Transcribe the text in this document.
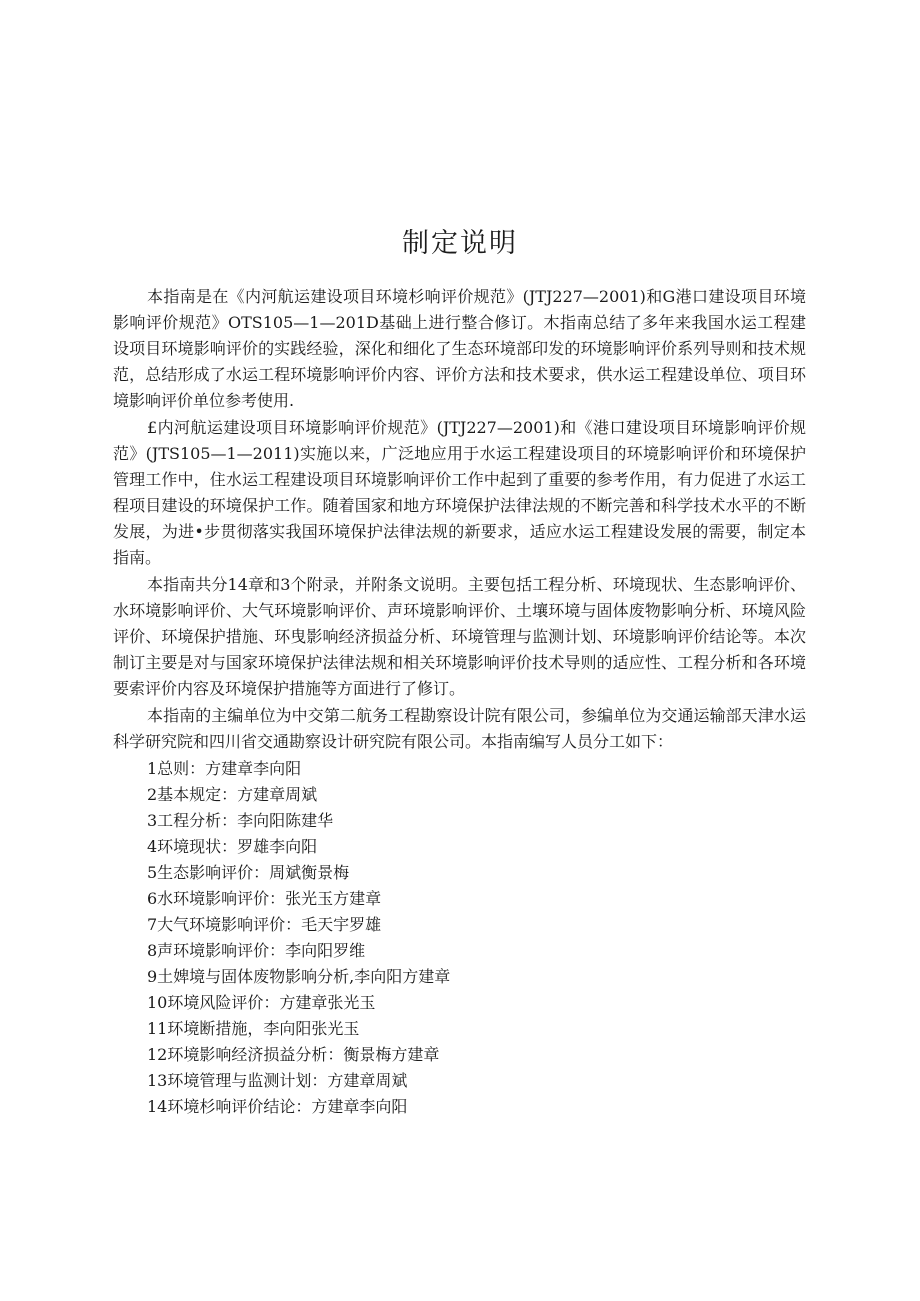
制定说明

本指南是在《内河航运建设项目环境杉响评价规范》(JTJ227—2001)和G港口建设项目环境影响评价规范》OTS105—1—201D基础上进行整合修订。木指南总结了多年来我国水运工程建设项目环境影响评价的实践经验，深化和细化了生态环境部印发的环境影响评价系列导则和技术规范，总结形成了水运工程环境影响评价内容、评价方法和技术要求，供水运工程建设单位、项目环境影响评价单位参考使用.

£内河航运建设项目环境影响评价规范》(JTJ227—2001)和《港口建设项目环境影响评价规范》(JTS105—1—2011)实施以来，广泛地应用于水运工程建设项目的环境影响评价和环境保护管理工作中，住水运工程建设项目环境影响评价工作中起到了重要的参考作用，有力促进了水运工程项目建设的环境保护工作。随着国家和地方环境保护法律法规的不断完善和科学技术水平的不断发展，为进•步贯彻落实我国环境保护法律法规的新要求，适应水运工程建设发展的需要，制定本指南。

本指南共分14章和3个附录，并附条文说明。主要包括工程分析、环境现状、生态影响评价、水环境影响评价、大气环境影响评价、声环境影响评价、土壤环境与固体废物影响分析、环境风险评价、环境保护措施、环曳影响经济损益分析、环境管理与监测计划、环境影响评价结论等。本次制订主要是对与国家环境保护法律法规和相关环境影响评价技术导则的适应性、工程分析和各环境要索评价内容及环境保护措施等方面进行了修订。

本指南的主编单位为中交第二航务工程勘察设计院有限公司，参编单位为交通运输部天津水运科学研究院和四川省交通勘察设计研究院有限公司。本指南编写人员分工如下：

1总则：方建章李向阳
2基本规定：方建章周斌
3工程分析：李向阳陈建华
4环境现状：罗雄李向阳
5生态影响评价：周斌衡景梅
6水环境影响评价：张光玉方建章
7大气环境影响评价：毛天宇罗雄
8声环境影响评价：李向阳罗维
9土婢境与固体废物影响分析,李向阳方建章
10环境风险评价：方建章张光玉
11环境断措施，李向阳张光玉
12环境影响经济损益分析：衡景梅方建章
13环境管理与监测计划：方建章周斌
14环境杉响评价结论：方建章李向阳
